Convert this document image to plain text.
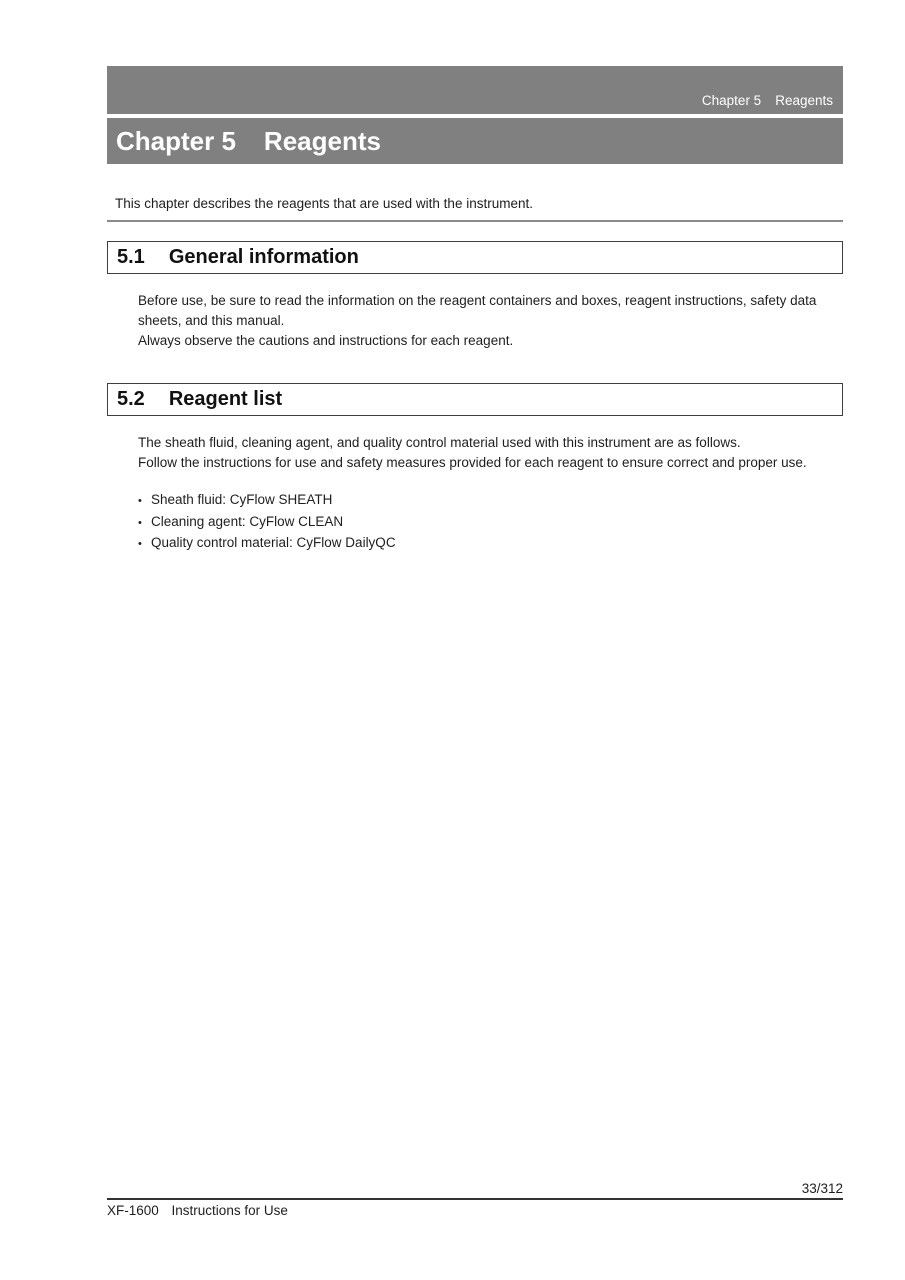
Chapter 5 Reagents
Chapter 5 Reagents

This chapter describes the reagents that are used with the instrument.

5.1 General information

Before use, be sure to read the information on the reagent containers and boxes, reagent instructions, safety data sheets, and this manual.

Always observe the cautions and instructions for each reagent.

5.2 Reagent list

The sheath fluid, cleaning agent, and quality control material used with this instrument are as follows.

Follow the instructions for use and safety measures provided for each reagent to ensure correct and proper use.

• Sheath fluid: CyFlow SHEATH
• Cleaning agent: CyFlow CLEAN
• Quality control material: CyFlow DailyQC
33/312
XF-1600 Instructions for Use
